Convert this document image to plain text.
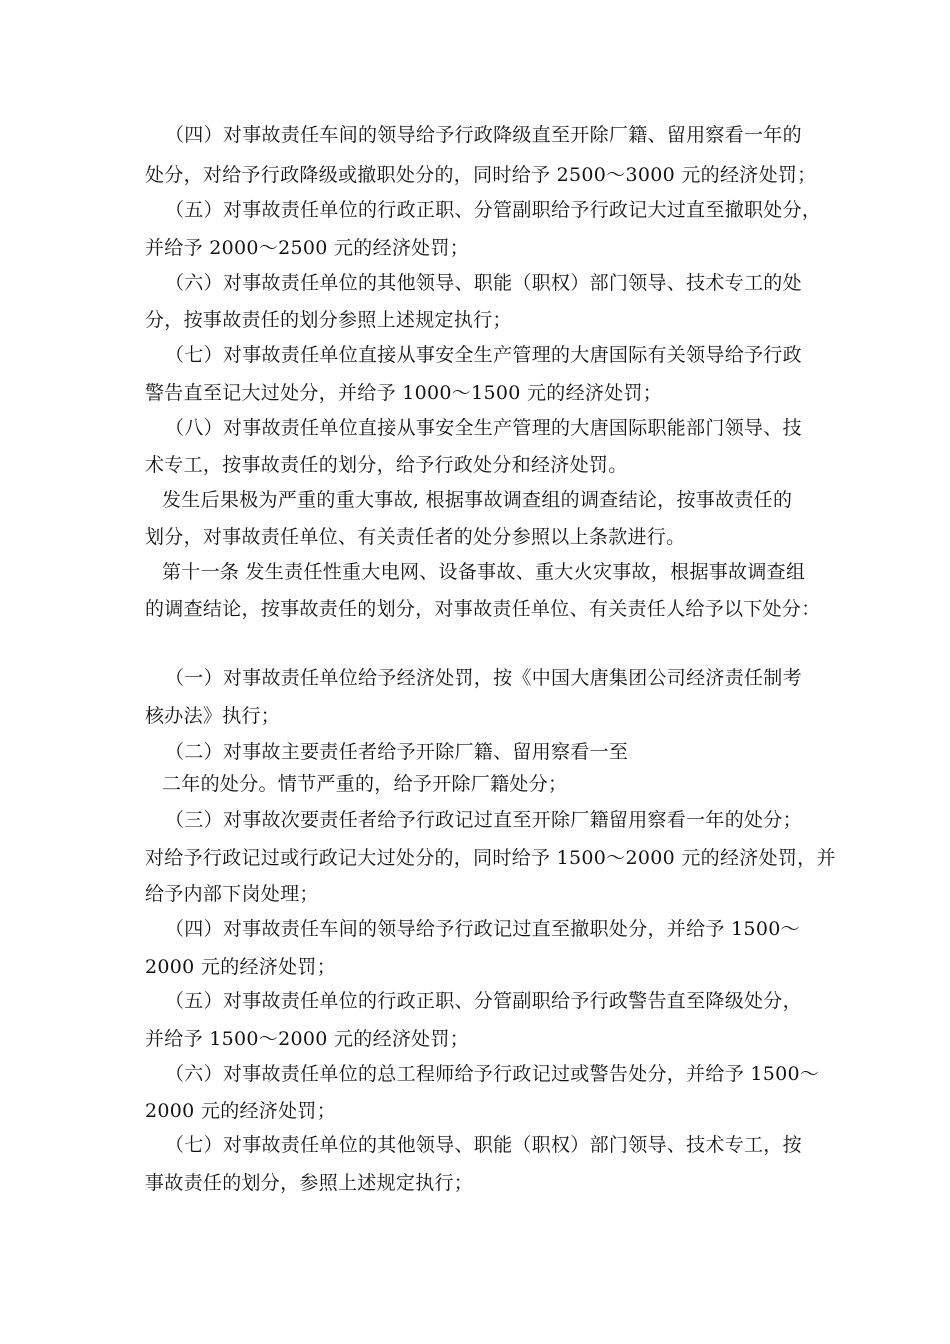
（四）对事故责任车间的领导给予行政降级直至开除厂籍、留用察看一年的
处分，对给予行政降级或撤职处分的，同时给予 2500～3000 元的经济处罚；
（五）对事故责任单位的行政正职、分管副职给予行政记大过直至撤职处分，
并给予 2000～2500 元的经济处罚；
（六）对事故责任单位的其他领导、职能（职权）部门领导、技术专工的处
分，按事故责任的划分参照上述规定执行；
（七）对事故责任单位直接从事安全生产管理的大唐国际有关领导给予行政
警告直至记大过处分，并给予 1000～1500 元的经济处罚；
（八）对事故责任单位直接从事安全生产管理的大唐国际职能部门领导、技
术专工，按事故责任的划分，给予行政处分和经济处罚。
发生后果极为严重的重大事故, 根据事故调查组的调查结论，按事故责任的
划分，对事故责任单位、有关责任者的处分参照以上条款进行。
第十一条 发生责任性重大电网、设备事故、重大火灾事故，根据事故调查组
的调查结论，按事故责任的划分，对事故责任单位、有关责任人给予以下处分：
（一）对事故责任单位给予经济处罚，按《中国大唐集团公司经济责任制考
核办法》执行；
（二）对事故主要责任者给予开除厂籍、留用察看一至
二年的处分。情节严重的，给予开除厂籍处分；
（三）对事故次要责任者给予行政记过直至开除厂籍留用察看一年的处分；
对给予行政记过或行政记大过处分的，同时给予 1500～2000 元的经济处罚，并
给予内部下岗处理；
（四）对事故责任车间的领导给予行政记过直至撤职处分，并给予 1500～
2000 元的经济处罚；
（五）对事故责任单位的行政正职、分管副职给予行政警告直至降级处分，
并给予 1500～2000 元的经济处罚；
（六）对事故责任单位的总工程师给予行政记过或警告处分，并给予 1500～
2000 元的经济处罚；
（七）对事故责任单位的其他领导、职能（职权）部门领导、技术专工，按
事故责任的划分，参照上述规定执行；
